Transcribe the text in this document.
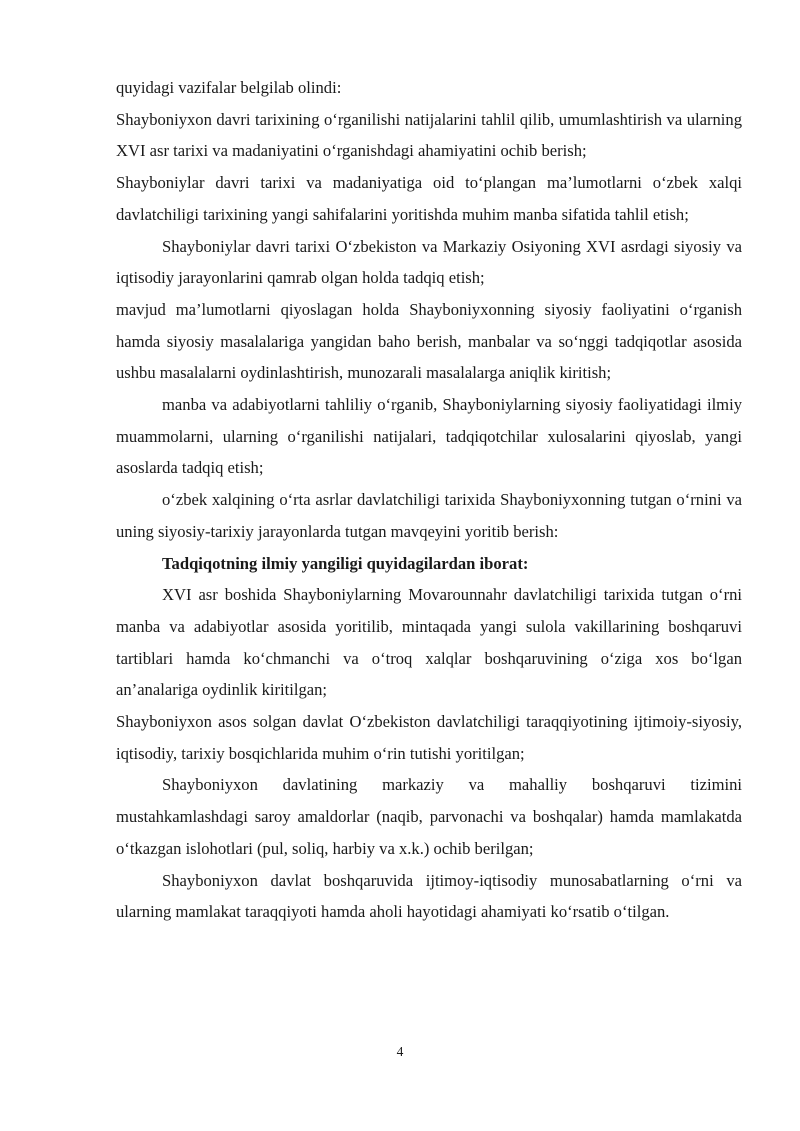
quyidagi vazifalar belgilab olindi:

Shayboniyxon davri tarixining o‘rganilishi natijalarini tahlil qilib, umumlashtirish va ularning XVI asr tarixi va madaniyatini o‘rganishdagi ahamiyatini ochib berish;

Shayboniylar davri tarixi va madaniyatiga oid to‘plangan ma’lumotlarni o‘zbek xalqi davlatchiligi tarixining yangi sahifalarini yoritishda muhim manba sifatida tahlil etish;

Shayboniylar davri tarixi O‘zbekiston va Markaziy Osiyoning XVI asrdagi siyosiy va iqtisodiy jarayonlarini qamrab olgan holda tadqiq etish;

mavjud ma’lumotlarni qiyoslagan holda Shayboniyxonning siyosiy faoliyatini o‘rganish hamda siyosiy masalalariga yangidan baho berish, manbalar va so‘nggi tadqiqotlar asosida ushbu masalalarni oydinlashtirish, munozarali masalalarga aniqlik kiritish;

manba va adabiyotlarni tahliliy o‘rganib, Shayboniylarning siyosiy faoliyatidagi ilmiy muammolarni, ularning o‘rganilishi natijalari, tadqiqotchilar xulosalarini qiyoslab, yangi asoslarda tadqiq etish;

o‘zbek xalqining o‘rta asrlar davlatchiligi tarixida Shayboniyxonning tutgan o‘rnini va uning siyosiy-tarixiy jarayonlarda tutgan mavqeyini yoritib berish:

Tadqiqotning ilmiy yangiligi quyidagilardan iborat:

XVI asr boshida Shayboniylarning Movarounnahr davlatchiligi tarixida tutgan o‘rni manba va adabiyotlar asosida yoritilib, mintaqada yangi sulola vakillarining boshqaruvi tartiblari hamda ko‘chmanchi va o‘troq xalqlar boshqaruvining o‘ziga xos bo‘lgan an’analariga oydinlik kiritilgan;

Shayboniyxon asos solgan davlat O‘zbekiston davlatchiligi taraqqiyotining ijtimoiy-siyosiy, iqtisodiy, tarixiy bosqichlarida muhim o‘rin tutishi yoritilgan;

Shayboniyxon davlatining markaziy va mahalliy boshqaruvi tizimini mustahkamlashdagi saroy amaldorlar (naqib, parvonachi va boshqalar) hamda mamlakatda o‘tkazgan islohotlari (pul, soliq, harbiy va x.k.) ochib berilgan;

Shayboniyxon davlat boshqaruvida ijtimoy-iqtisodiy munosabatlarning o‘rni va ularning mamlakat taraqqiyoti hamda aholi hayotidagi ahamiyati ko‘rsatib o‘tilgan.

4
